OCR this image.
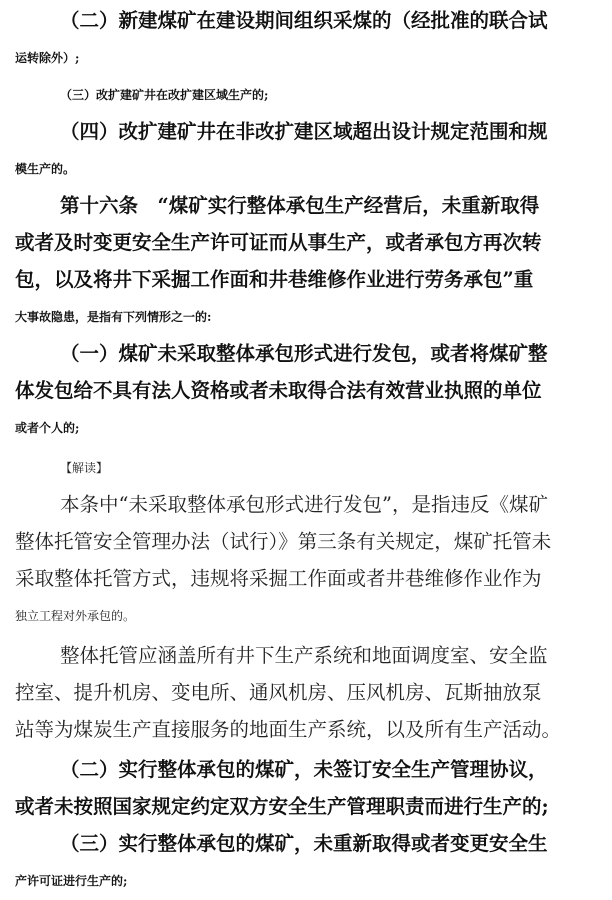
（二）新建煤矿在建设期间组织采煤的（经批准的联合试
运转除外）;
（三）改扩建矿井在改扩建区域生产的;
（四）改扩建矿井在非改扩建区域超出设计规定范围和规
模生产的。
第十六条　“煤矿实行整体承包生产经营后，未重新取得
或者及时变更安全生产许可证而从事生产，或者承包方再次转
包，以及将井下采掘工作面和井巷维修作业进行劳务承包”重
大事故隐患，是指有下列情形之一的:
（一）煤矿未采取整体承包形式进行发包，或者将煤矿整
体发包给不具有法人资格或者未取得合法有效营业执照的单位
或者个人的;
【解读】
本条中“未采取整体承包形式进行发包”，是指违反《煤矿
整体托管安全管理办法（试行）》第三条有关规定，煤矿托管未
采取整体托管方式，违规将采掘工作面或者井巷维修作业作为
独立工程对外承包的。
整体托管应涵盖所有井下生产系统和地面调度室、安全监
控室、提升机房、变电所、通风机房、压风机房、瓦斯抽放泵
站等为煤炭生产直接服务的地面生产系统，以及所有生产活动。
（二）实行整体承包的煤矿，未签订安全生产管理协议，
或者未按照国家规定约定双方安全生产管理职责而进行生产的;
（三）实行整体承包的煤矿，未重新取得或者变更安全生
产许可证进行生产的;
